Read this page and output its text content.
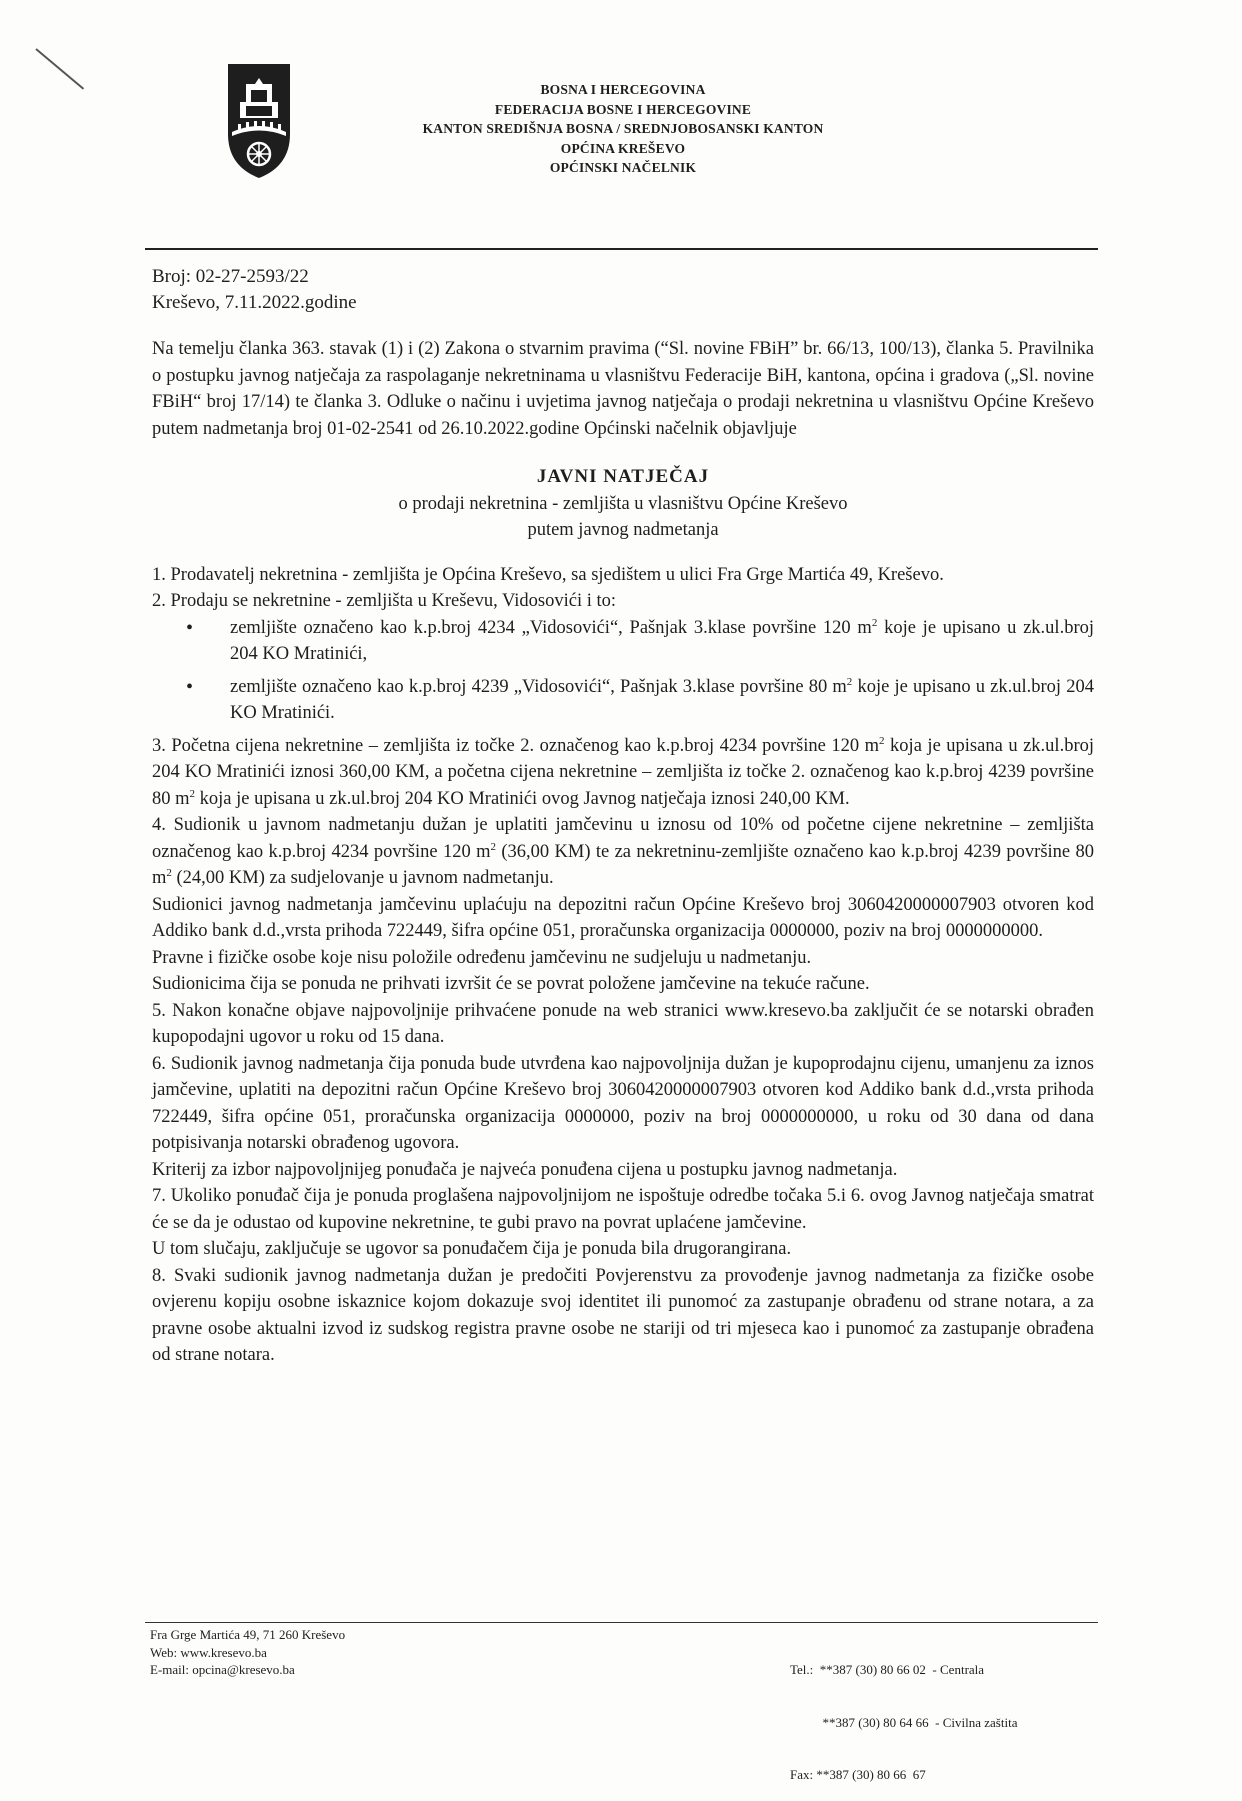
BOSNA I HERCEGOVINA
FEDERACIJA BOSNE I HERCEGOVINE
KANTON SREDIŠNJA BOSNA / SREDNJOBOSANSKI KANTON
OPĆINA KREŠEVO
OPĆINSKI NAČELNIK
Broj: 02-27-2593/22
Kreševo, 7.11.2022.godine

Na temelju članka 363. stavak (1) i (2) Zakona o stvarnim pravima (“Sl. novine FBiH” br. 66/13, 100/13), članka 5. Pravilnika o postupku javnog natječaja za raspolaganje nekretninama u vlasništvu Federacije BiH, kantona, općina i gradova („Sl. novine FBiH“ broj 17/14) te članka 3. Odluke o načinu i uvjetima javnog natječaja o prodaji nekretnina u vlasništvu Općine Kreševo putem nadmetanja broj 01-02-2541 od 26.10.2022.godine Općinski načelnik objavljuje

JAVNI NATJEČAJ
o prodaji nekretnina - zemljišta u vlasništvu Općine Kreševo
putem javnog nadmetanja

1. Prodavatelj nekretnina - zemljišta je Općina Kreševo, sa sjedištem u ulici Fra Grge Martića 49, Kreševo.

2. Prodaju se nekretnine - zemljišta u Kreševu, Vidosovići i to:

• zemljište označeno kao k.p.broj 4234 „Vidosovići“, Pašnjak 3.klase površine 120 $m^2$ koje je upisano u zk.ul.broj 204 KO Mratinići,
• zemljište označeno kao k.p.broj 4239 „Vidosovići“, Pašnjak 3.klase površine 80 $m^2$ koje je upisano u zk.ul.broj 204 KO Mratinići.

3. Početna cijena nekretnine – zemljišta iz točke 2. označenog kao k.p.broj 4234 površine 120 $m^2$ koja je upisana u zk.ul.broj 204 KO Mratinići iznosi 360,00 KM, a početna cijena nekretnine – zemljišta iz točke 2. označenog kao k.p.broj 4239 površine 80 $m^2$ koja je upisana u zk.ul.broj 204 KO Mratinići ovog Javnog natječaja iznosi 240,00 KM.

4. Sudionik u javnom nadmetanju dužan je uplatiti jamčevinu u iznosu od 10% od početne cijene nekretnine – zemljišta označenog kao k.p.broj 4234 površine 120 $m^2$ (36,00 KM) te za nekretninu-zemljište označeno kao k.p.broj 4239 površine 80 $m^2$ (24,00 KM) za sudjelovanje u javnom nadmetanju.

Sudionici javnog nadmetanja jamčevinu uplaćuju na depozitni račun Općine Kreševo broj 3060420000007903 otvoren kod Addiko bank d.d.,vrsta prihoda 722449, šifra općine 051, proračunska organizacija 0000000, poziv na broj 0000000000.

Pravne i fizičke osobe koje nisu položile određenu jamčevinu ne sudjeluju u nadmetanju.

Sudionicima čija se ponuda ne prihvati izvršit će se povrat položene jamčevine na tekuće račune.

5. Nakon konačne objave najpovoljnije prihvaćene ponude na web stranici www.kresevo.ba zaključit će se notarski obrađen kupopodajni ugovor u roku od 15 dana.

6. Sudionik javnog nadmetanja čija ponuda bude utvrđena kao najpovoljnija dužan je kupoprodajnu cijenu, umanjenu za iznos jamčevine, uplatiti na depozitni račun Općine Kreševo broj 3060420000007903 otvoren kod Addiko bank d.d.,vrsta prihoda 722449, šifra općine 051, proračunska organizacija 0000000, poziv na broj 0000000000, u roku od 30 dana od dana potpisivanja notarski obrađenog ugovora.

Kriterij za izbor najpovoljnijeg ponuđača je najveća ponuđena cijena u postupku javnog nadmetanja.

7. Ukoliko ponuđač čija je ponuda proglašena najpovoljnijom ne ispoštuje odredbe točaka 5.i 6. ovog Javnog natječaja smatrat će se da je odustao od kupovine nekretnine, te gubi pravo na povrat uplaćene jamčevine.

U tom slučaju, zaključuje se ugovor sa ponuđačem čija je ponuda bila drugorangirana.

8. Svaki sudionik javnog nadmetanja dužan je predočiti Povjerenstvu za provođenje javnog nadmetanja za fizičke osobe ovjerenu kopiju osobne iskaznice kojom dokazuje svoj identitet ili punomoć za zastupanje obrađenu od strane notara, a za pravne osobe aktualni izvod iz sudskog registra pravne osobe ne stariji od tri mjeseca kao i punomoć za zastupanje obrađena od strane notara.

Fra Grge Martića 49, 71 260 Kreševo
Web: www.kresevo.ba
E-mail: opcina@kresevo.ba

	Tel.:  **387 (30) 80 66 02  - Centrala

**387 (30) 80 64 66  - Civilna zaštita

Fax: **387 (30) 80 66  67
